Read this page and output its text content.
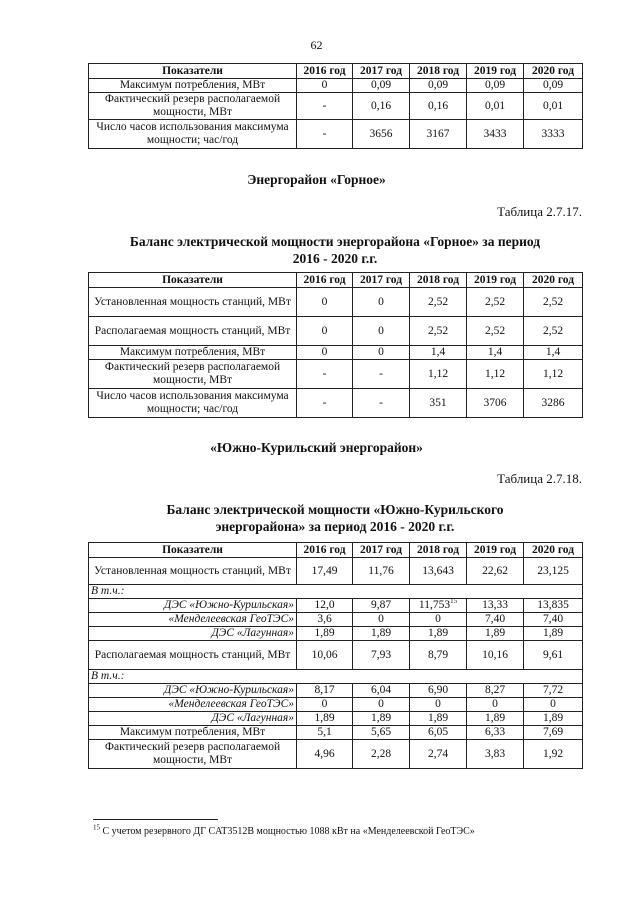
62
Показатели	2016 год	2017 год	2018 год	2019 год	2020 год
Максимум потребления, МВт	0	0,09	0,09	0,09	0,09
Фактический резерв располагаемой мощности, МВт	-	0,16	0,16	0,01	0,01
Число часов использования максимума мощности; час/год	-	3656	3167	3433	3333
Энергорайон «Горное»
Таблица 2.7.17.
Баланс электрической мощности энергорайона «Горное» за период
2016 - 2020 г.г.
Показатели	2016 год	2017 год	2018 год	2019 год	2020 год
Установленная мощность станций, МВт	0	0	2,52	2,52	2,52
Располагаемая мощность станций, МВт	0	0	2,52	2,52	2,52
Максимум потребления, МВт	0	0	1,4	1,4	1,4
Фактический резерв располагаемой мощности, МВт	-	-	1,12	1,12	1,12
Число часов использования максимума мощности; час/год	-	-	351	3706	3286
«Южно-Курильский энергорайон»
Таблица 2.7.18.
Баланс электрической мощности «Южно-Курильского
энергорайона» за период 2016 - 2020 г.г.
Показатели	2016 год	2017 год	2018 год	2019 год	2020 год
Установленная мощность станций, МВт	17,49	11,76	13,643	22,62	23,125
В т.ч.:					
ДЭС «Южно-Курильская»	12,0	9,87	11,753$^{15}$	13,33	13,835
«Менделеевская ГеоТЭС»	3,6	0	0	7,40	7,40
ДЭС «Лагунная»	1,89	1,89	1,89	1,89	1,89
Располагаемая мощность станций, МВт	10,06	7,93	8,79	10,16	9,61
В т.ч.:					
ДЭС «Южно-Курильская»	8,17	6,04	6,90	8,27	7,72
«Менделеевская ГеоТЭС»	0	0	0	0	0
ДЭС «Лагунная»	1,89	1,89	1,89	1,89	1,89
Максимум потребления, МВт	5,1	5,65	6,05	6,33	7,69
Фактический резерв располагаемой мощности, МВт	4,96	2,28	2,74	3,83	1,92
$^{15}$ С учетом резервного ДГ CAT3512B мощностью 1088 кВт на «Менделеевской ГеоТЭС»
